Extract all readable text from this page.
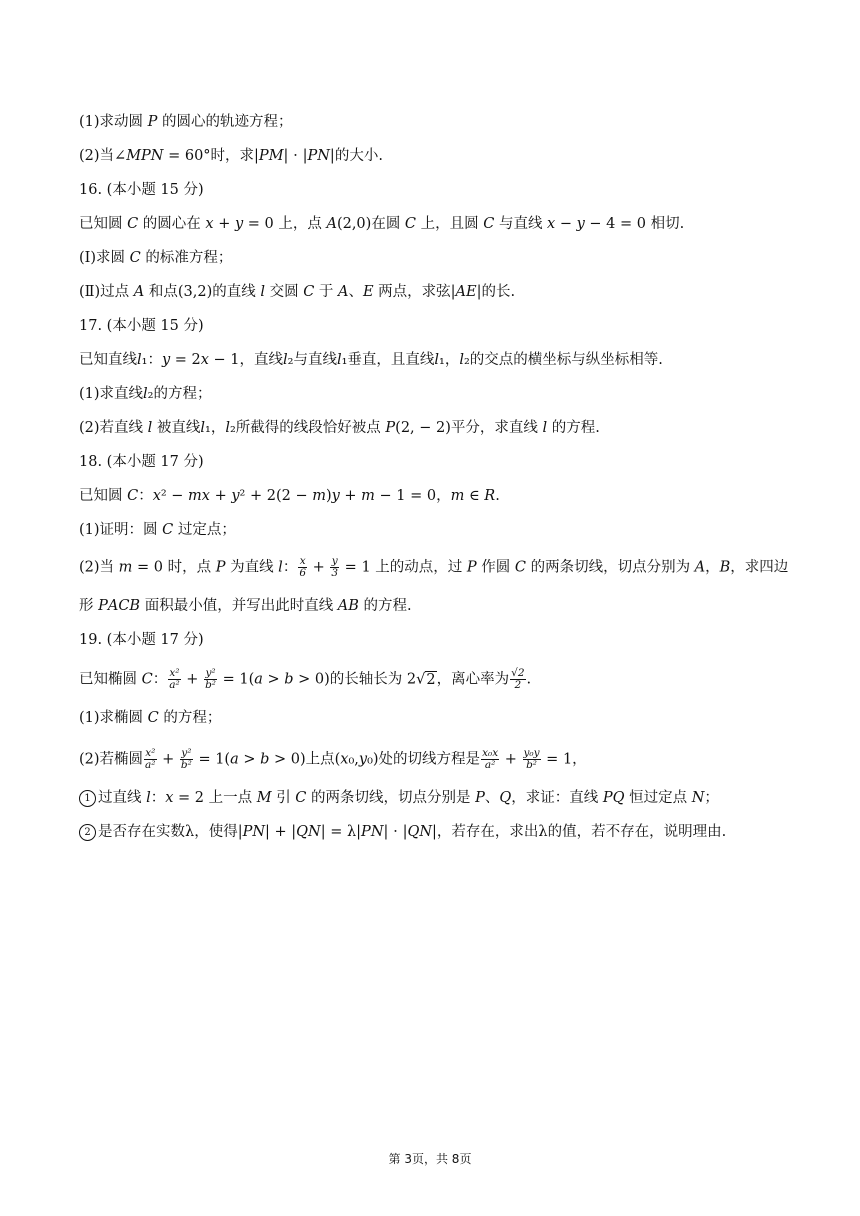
(1)求动圆 𝑃 的圆心的轨迹方程；
(2)当∠𝑀𝑃𝑁 = 60°时，求|𝑃𝑀| ⋅ |𝑃𝑁|的大小.
16. (本小题 15 分)
已知圆 𝐶 的圆心在 𝑥 + 𝑦 = 0 上，点 𝐴(2,0)在圆 𝐶 上，且圆 𝐶 与直线 𝑥 − 𝑦 − 4 = 0 相切.
(Ⅰ)求圆 𝐶 的标准方程；
(Ⅱ)过点 𝐴 和点(3,2)的直线 𝑙 交圆 𝐶 于 𝐴、𝐸 两点，求弦|𝐴𝐸|的长.
17. (本小题 15 分)
已知直线𝑙₁：𝑦 = 2𝑥 − 1，直线𝑙₂与直线𝑙₁垂直，且直线𝑙₁，𝑙₂的交点的横坐标与纵坐标相等.
(1)求直线𝑙₂的方程；
(2)若直线 𝑙 被直线𝑙₁，𝑙₂所截得的线段恰好被点 𝑃(2, − 2)平分，求直线 𝑙 的方程.
18. (本小题 17 分)
已知圆 𝐶：𝑥² − 𝑚𝑥 + 𝑦² + 2(2 − 𝑚)𝑦 + 𝑚 − 1 = 0，𝑚 ∈ 𝑅.
(1)证明：圆 𝐶 过定点；
(2)当 𝑚 = 0 时，点 𝑃 为直线 𝑙： $\frac{\text{𝑥}}{6} + \frac{\text{𝑦}}{3} = 1$ 上的动点，过 𝑃 作圆 𝐶 的两条切线，切点分别为 𝐴，𝐵，求四边
形 𝑃𝐴𝐶𝐵 面积最小值，并写出此时直线 𝐴𝐵 的方程.
19. (本小题 17 分)
已知椭圆 𝐶： $\frac{\text{𝑥²}}{\text{𝑎²}} + \frac{\text{𝑦²}}{\text{𝑏²}}$ = 1(𝑎 > 𝑏 > 0)的长轴长为 2√2，离心率为 $\frac{√2}{2}$ .
(1)求椭圆 𝐶 的方程；
(2)若椭圆 $\frac{\text{𝑥²}}{\text{𝑎²}} + \frac{\text{𝑦²}}{\text{𝑏²}}$ = 1(𝑎 > 𝑏 > 0)上点(𝑥₀,𝑦₀)处的切线方程是 $\frac{\text{𝑥₀𝑥}}{\text{𝑎²}} + \frac{\text{𝑦₀𝑦}}{\text{𝑏²}} = 1$，
1 过直线 𝑙：𝑥 = 2 上一点 𝑀 引 𝐶 的两条切线，切点分别是 𝑃、𝑄，求证：直线 𝑃𝑄 恒过定点 𝑁；
2 是否存在实数λ，使得|𝑃𝑁| + |𝑄𝑁| = λ|𝑃𝑁| ⋅ |𝑄𝑁|，若存在，求出λ的值，若不存在，说明理由.
第 3页，共 8页
